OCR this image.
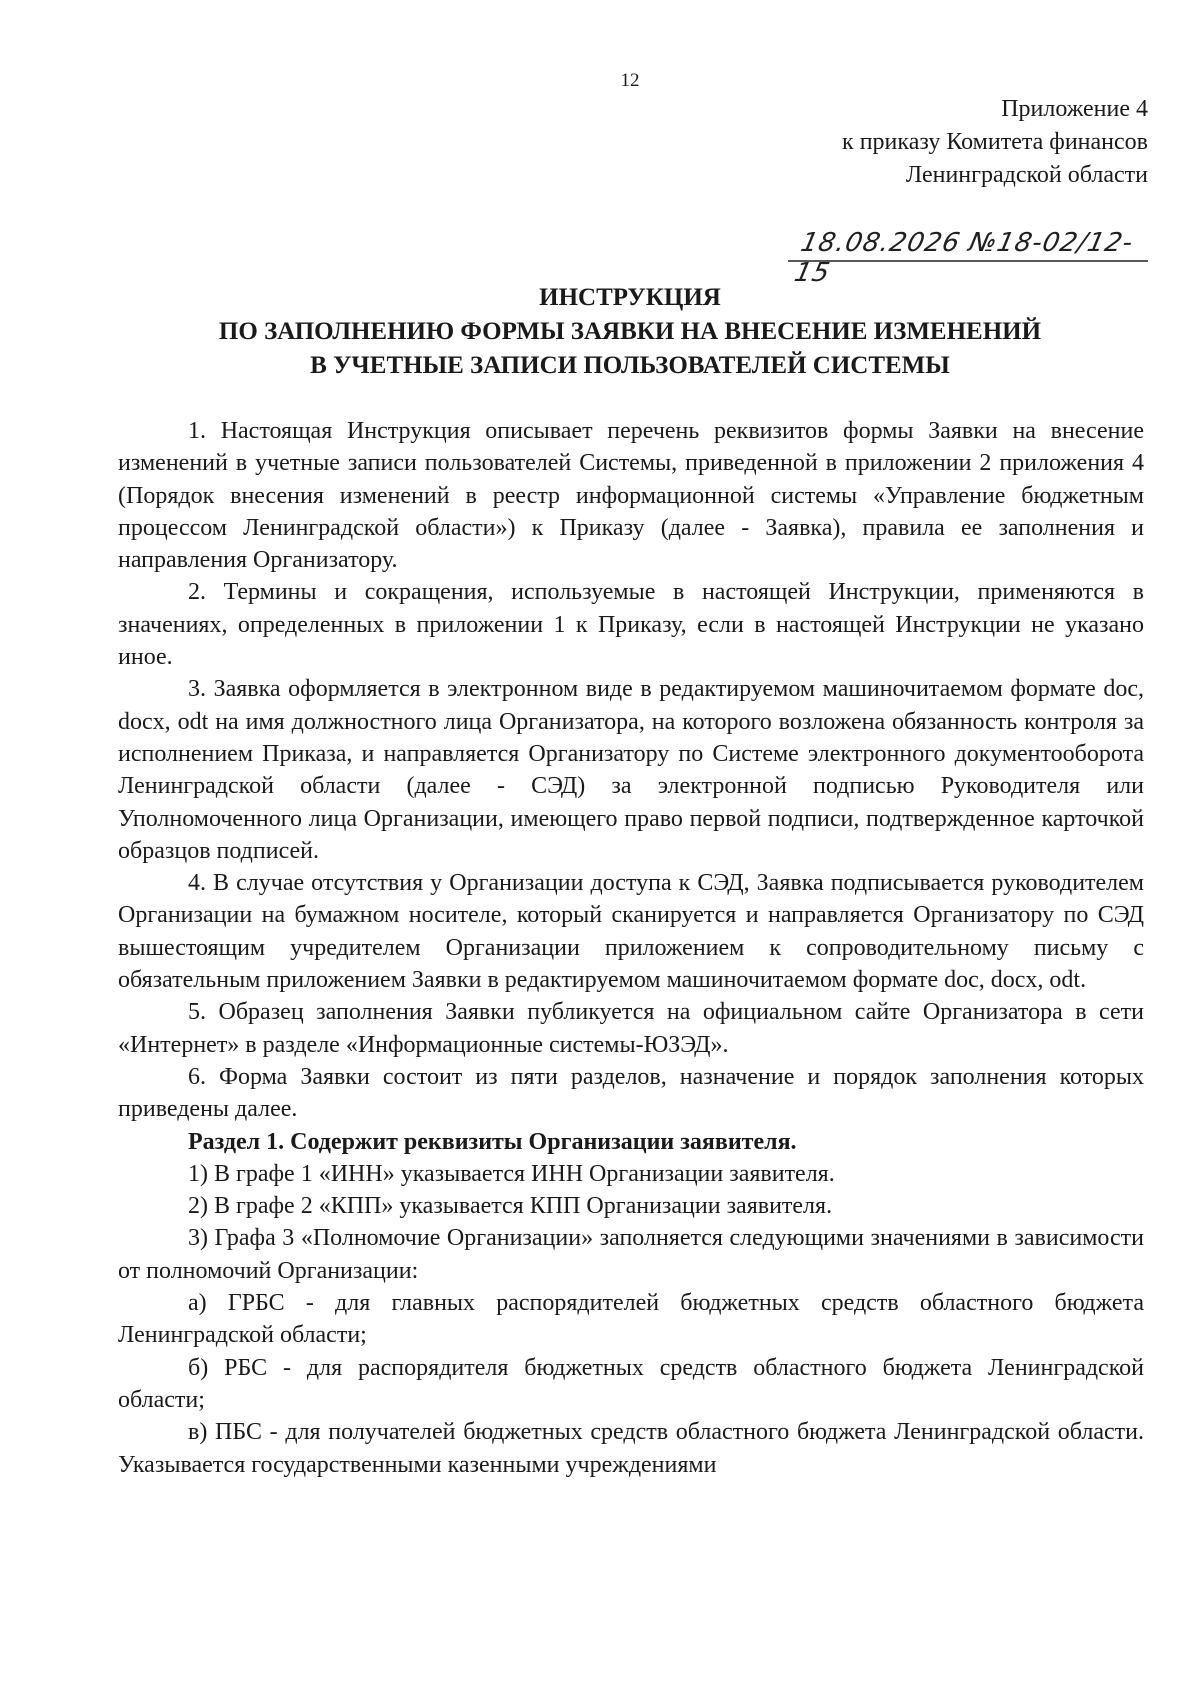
12
Приложение 4
к приказу Комитета финансов
Ленинградской области
18.08.2026 №18-02/12-15
ИНСТРУКЦИЯ
ПО ЗАПОЛНЕНИЮ ФОРМЫ ЗАЯВКИ НА ВНЕСЕНИЕ ИЗМЕНЕНИЙ
В УЧЕТНЫЕ ЗАПИСИ ПОЛЬЗОВАТЕЛЕЙ СИСТЕМЫ

1. Настоящая Инструкция описывает перечень реквизитов формы Заявки на внесение изменений в учетные записи пользователей Системы, приведенной в приложении 2 приложения 4 (Порядок внесения изменений в реестр информационной системы «Управление бюджетным процессом Ленинградской области») к Приказу (далее - Заявка), правила ее заполнения и направления Организатору.

2. Термины и сокращения, используемые в настоящей Инструкции, применяются в значениях, определенных в приложении 1 к Приказу, если в настоящей Инструкции не указано иное.

3. Заявка оформляется в электронном виде в редактируемом машиночитаемом формате doc, docx, odt на имя должностного лица Организатора, на которого возложена обязанность контроля за исполнением Приказа, и направляется Организатору по Системе электронного документооборота Ленинградской области (далее - СЭД) за электронной подписью Руководителя или Уполномоченного лица Организации, имеющего право первой подписи, подтвержденное карточкой образцов подписей.

4. В случае отсутствия у Организации доступа к СЭД, Заявка подписывается руководителем Организации на бумажном носителе, который сканируется и направляется Организатору по СЭД вышестоящим учредителем Организации приложением к сопроводительному письму с обязательным приложением Заявки в редактируемом машиночитаемом формате doc, docx, odt.

5. Образец заполнения Заявки публикуется на официальном сайте Организатора в сети «Интернет» в разделе «Информационные системы-ЮЗЭД».

6. Форма Заявки состоит из пяти разделов, назначение и порядок заполнения которых приведены далее.

Раздел 1. Содержит реквизиты Организации заявителя.

1) В графе 1 «ИНН» указывается ИНН Организации заявителя.

2) В графе 2 «КПП» указывается КПП Организации заявителя.

3) Графа 3 «Полномочие Организации» заполняется следующими значениями в зависимости от полномочий Организации:

а) ГРБС - для главных распорядителей бюджетных средств областного бюджета Ленинградской области;

б) РБС - для распорядителя бюджетных средств областного бюджета Ленинградской области;

в) ПБС - для получателей бюджетных средств областного бюджета Ленинградской области. Указывается государственными казенными учреждениями
